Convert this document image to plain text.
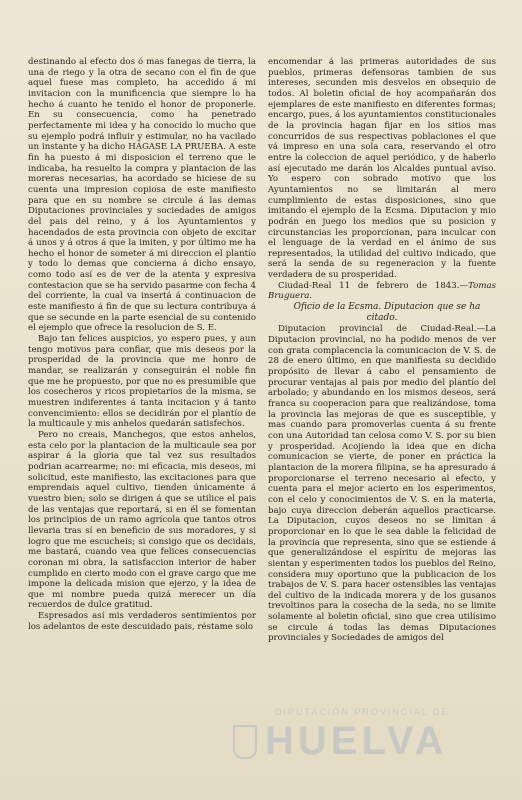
destinando al efecto dos ó mas fanegas de tierra, la una de riego y la otra de secano con el fin de que aquel fuese mas completo, ha accedido á mi invitacion con la munificencia que siempre lo ha hecho á cuanto he tenido el honor de proponerle. En su consecuencia, como ha penetrado perfectamente mi idea y ha conocido lo mucho que su ejemplo podrá influir y estimular, no ha vacilado un instante y ha dicho HÁGASE LA PRUEBA. A este fin ha puesto á mi disposicion el terreno que le indicaba, ha resuelto la compra y plantacion de las moreras necesarias, ha acordado se hiciese de su cuenta una impresion copiosa de este manifiesto para que en su nombre se circule á las demas Diputaciones provinciales y sociedades de amigos del pais del reino, y á los Ayuntamientos y hacendados de esta provincia con objeto de excitar á unos y á otros á que la imiten, y por último me ha hecho el honor de someter á mi direccion el plantío y todo lo demas que concierna á dicho ensayo, como todo así es de ver de la atenta y expresiva contestacion que se ha servido pasarme con fecha 4 del corriente, la cual va insertá á continuacion de este manifiesto á fin de que su lectura contribuya á que se secunde en la parte esencial de su contenido el ejemplo que ofrece la resolucion de S. E.

Bajo tan felices auspicios, yo espero pues, y aun tengo motivos para confiar, que mis deseos por la prosperidad de la provincia que me honro de mandar, se realizarán y conseguirán el noble fin que me he propuesto, por que no es presumible que los cosecheros y ricos propietarios de la misma, se muestren indiferentes á tanta incitacion y á tanto convencimiento: ellos se decidirán por el plantío de la multicaule y mis anhelos quedarán satisfechos.

Pero no creais, Manchegos, que estos anhelos, esta celo por la plantacion de la multicaule sea por aspirar á la gloria que tal vez sus resultados podrian acarrearme; no: mi eficacia, mis deseos, mi solicitud, este manifiesto, las excitaciones para que emprendais aquel cultivo, tienden únicamente á vuestro bien; solo se dirigen á que se utilice el pais de las ventajas que reportará, si en él se fomentan los principios de un ramo agrícola que tantos otros llevaria tras sí en beneficio de sus moradores, y si logro que me escucheis; si consigo que os decidais, me bastará, cuando vea que felices consecuencias coronan mi obra, la satisfaccion interior de haber cumplido en cierto modo con el grave cargo que me impone la delicada mision que ejerzo, y la idea de que mi nombre pueda quizá merecer un día recuerdos de dulce gratitud.

Espresados así mis verdaderos sentimientos por los adelantos de este descuidado pais, réstame solo

encomendar á las primeras autoridades de sus pueblos, primeras defensoras tambien de sus intereses, secunden mis desvelos en obsequio de todos. Al boletin oficial de hoy acompañarán dos ejemplares de este manifiesto en diferentes formas; encargo, pues, á los ayuntamientos constitucionales de la provincia hagan fijar en los sitios mas concurridos de sus respectivas poblaciones el que vá impreso en una sola cara, reservando el otro entre la coleccion de aquel periódico, y de haberlo así ejecutado me darán los Alcaldes puntual aviso. Yo espero con sobrado motivo que los Ayuntamientos no se limitarán al mero cumplimiento de estas disposiciones, sino que imitando el ejemplo de la Ecsma. Diputacion y mio podrán en juego los medios que su posicion y circunstancias les proporcionan, para inculcar con el lenguage de la verdad en el ánimo de sus representados, la utilidad del cultivo indicado, que será la senda de su regeneracion y la fuente verdadera de su prosperidad.

Ciudad-Real 11 de febrero de 1843.—Tomas Bruguera.

Oficio de la Ecsma. Diputacion que se ha citado.

Diputacion provincial de Ciudad-Real.—La Diputacion provincial, no ha podido menos de ver con grata complacencia la comunicacion de V. S. de 28 de enero último, en que manifiesta su decidido propósito de llevar á cabo el pensamiento de procurar ventajas al pais por medio del plantío del arbolado; y abundando en los mismos deseos, será franca su cooperacion para que realizándose, toma la provincia las mejoras de que es susceptible, y mas cuando para promoverlas cuenta á su frente con una Autoridad tan celosa como V. S. por su bien y prosperidad. Acojiendo la idea que en dicha comunicacion se vierte, de poner en práctica la plantacion de la morera filipina, se ha apresurado á proporcionarse el terreno necesario al efecto, y cuenta para el mejor acierto en los esperimentos, con el celo y conocimientos de V. S. en la materia, bajo cuya direccion deberán aquellos practicarse. La Diputacion, cuyos deseos no se limitan á proporcionar en lo que le sea dable la felicidad de la provincia que representa, sino que se estiende á que generalizándose el espíritu de mejoras las sientan y esperimenten todos los pueblos del Reino, considera muy oportuno que la publicacion de los trabajos de V. S. para hacer ostensibles las ventajas del cultivo de la indicada morera y de los gusanos trevoltinos para la cosecha de la seda, no se limite solamente al boletin oficial, sino que crea utilísimo se circule á todas las demas Diputaciones provinciales y Sociedades de amigos del

DIPUTACIÓN PROVINCIAL DE
HUELVA
